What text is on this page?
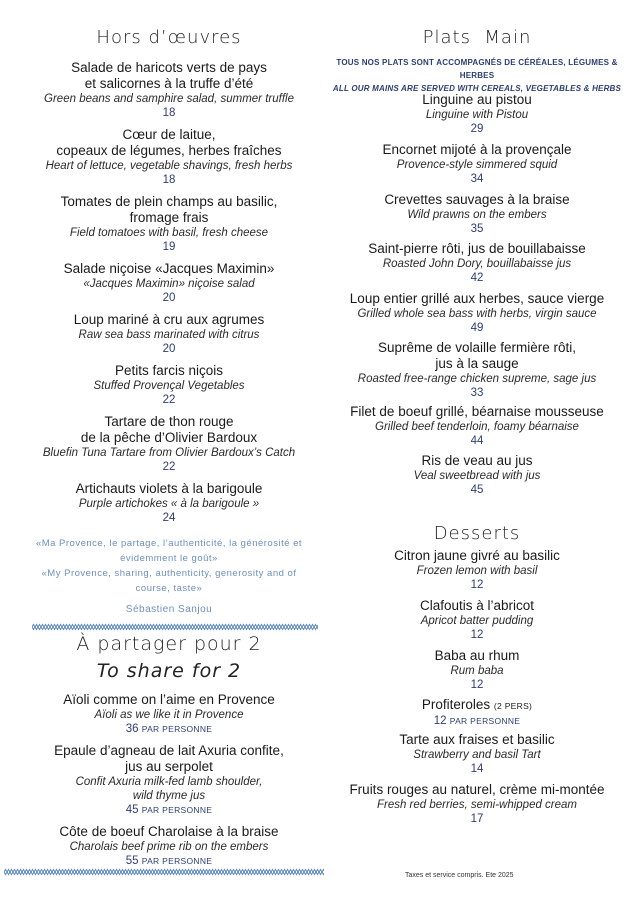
Hors d’œuvres
Salade de haricots verts de pays
et salicornes à la truffe d’été
Green beans and samphire salad, summer truffle
18
Cœur de laitue,
copeaux de légumes, herbes fraîches
Heart of lettuce, vegetable shavings, fresh herbs
18
Tomates de plein champs au basilic,
fromage frais
Field tomatoes with basil, fresh cheese
19
Salade niçoise «Jacques Maximin»
«Jacques Maximin» niçoise salad
20
Loup mariné à cru aux agrumes
Raw sea bass marinated with citrus
20
Petits farcis niçois
Stuffed Provençal Vegetables
22
Tartare de thon rouge
de la pêche d’Olivier Bardoux
Bluefin Tuna Tartare from Olivier Bardoux’s Catch
22
Artichauts violets à la barigoule
Purple artichokes « à la barigoule »
24
«Ma Provence, le partage, l’authenticité, la générosité et évidemment le goût»
«My Provence, sharing, authenticity, generosity and of course, taste»
Sébastien Sanjou
À partager pour 2
To share for 2
Aïoli comme on l’aime en Provence
Aïoli as we like it in Provence
36 PAR PERSONNE
Epaule d’agneau de lait Axuria confite,
jus au serpolet
Confit Axuria milk-fed lamb shoulder,
wild thyme jus
45 PAR PERSONNE
Côte de boeuf Charolaise à la braise
Charolais beef prime rib on the embers
55 PAR PERSONNE
Plats  Main
TOUS NOS PLATS SONT ACCOMPAGNÉS DE CÉRÉALES, LÉGUMES & HERBES
ALL OUR MAINS ARE SERVED WITH CEREALS, VEGETABLES & HERBS
Linguine au pistou
Linguine with Pistou
29
Encornet mijoté à la provençale
Provence-style simmered squid
34
Crevettes sauvages à la braise
Wild prawns on the embers
35
Saint-pierre rôti, jus de bouillabaisse
Roasted John Dory, bouillabaisse jus
42
Loup entier grillé aux herbes, sauce vierge
Grilled whole sea bass with herbs, virgin sauce
49
Suprême de volaille fermière rôti,
jus à la sauge
Roasted free-range chicken supreme, sage jus
33
Filet de boeuf grillé, béarnaise mousseuse
Grilled beef tenderloin, foamy béarnaise
44
Ris de veau au jus
Veal sweetbread with jus
45
Desserts
Citron jaune givré au basilic
Frozen lemon with basil
12
Clafoutis à l’abricot
Apricot batter pudding
12
Baba au rhum
Rum baba
12
Profiteroles (2 PERS)
12 PAR PERSONNE
Tarte aux fraises et basilic
Strawberry and basil Tart
14
Fruits rouges au naturel, crème mi-montée
Fresh red berries, semi-whipped cream
17
Taxes et service compris. Ete 2025
